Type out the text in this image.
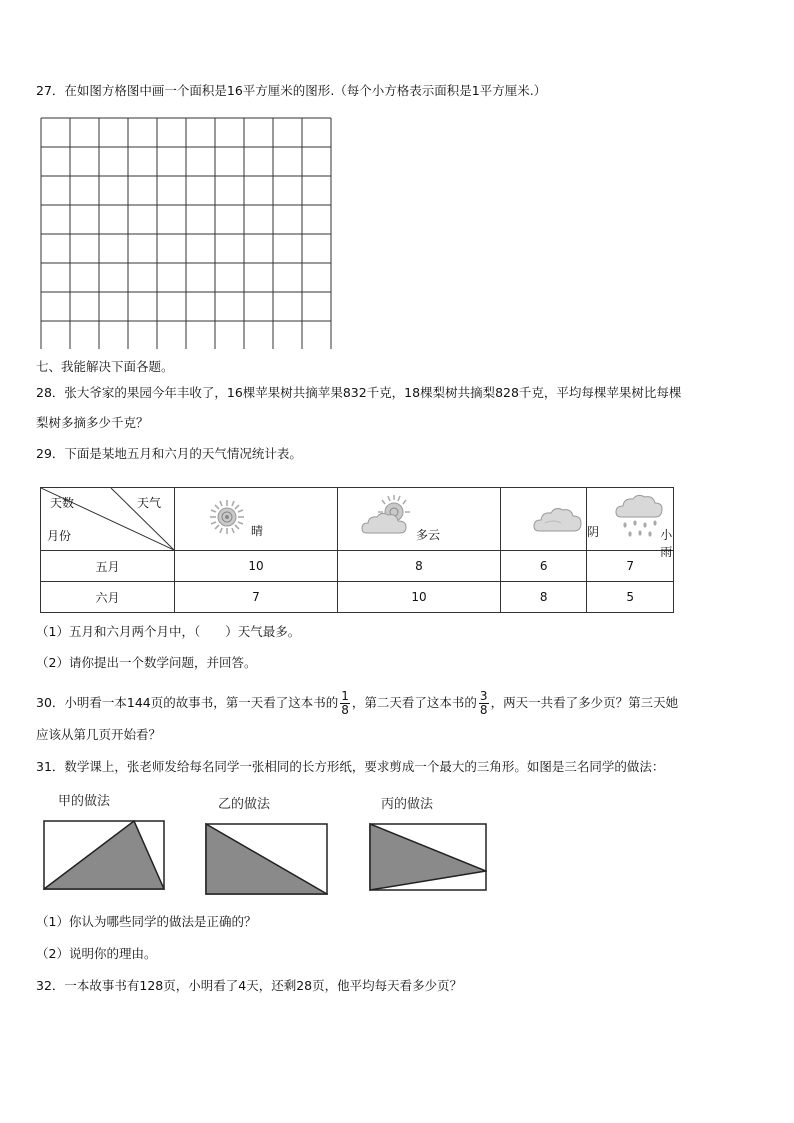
27．在如图方格图中画一个面积是16平方厘米的图形.（每个小方格表示面积是1平方厘米.）
七、我能解决下面各题。
28．张大爷家的果园今年丰收了，16棵苹果树共摘苹果832千克，18棵梨树共摘梨828千克，平均每棵苹果树比每棵
梨树多摘多少千克？
29．下面是某地五月和六月的天气情况统计表。
天数 天气
月份	晴	多云	阴	小雨

五月	10	8	6	7
六月	7	10	8	5
（1）五月和六月两个月中，（　　）天气最多。
（2）请你提出一个数学问题，并回答。
30．小明看一本144页的故事书，第一天看了这本书的 $\frac{1}{8}$ ，第二天看了这本书的 $\frac{3}{8}$ ，两天一共看了多少页？第三天她
应该从第几页开始看？
31．数学课上，张老师发给每名同学一张相同的长方形纸，要求剪成一个最大的三角形。如图是三名同学的做法：
甲的做法	乙的做法	丙的做法
（1）你认为哪些同学的做法是正确的？
（2）说明你的理由。
32．一本故事书有128页，小明看了4天，还剩28页，他平均每天看多少页？
